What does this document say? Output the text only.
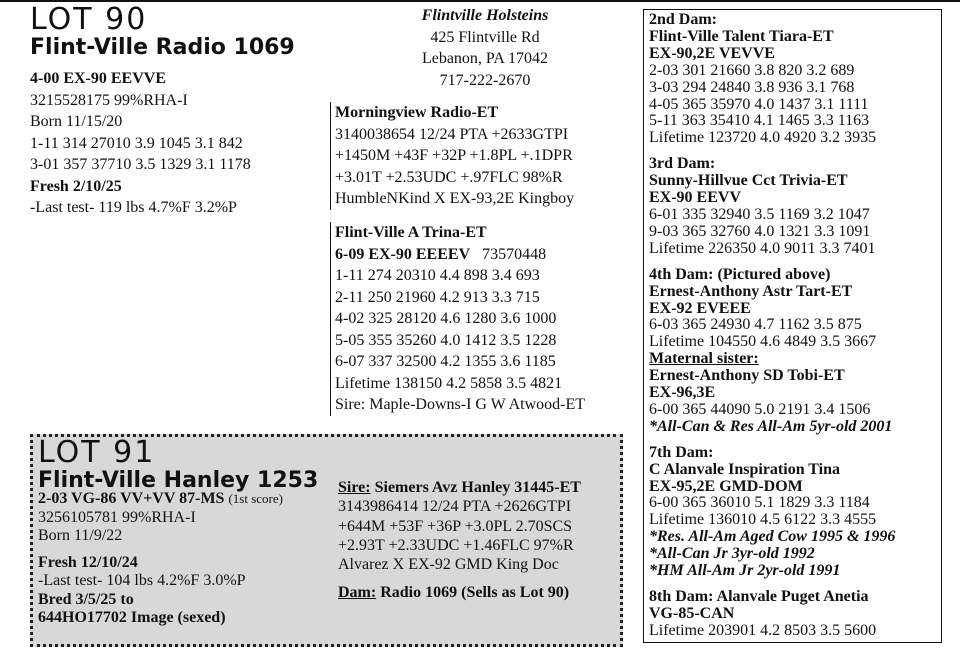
LOT 90
Flint-Ville Radio 1069
4-00 EX-90 EEVVE
3215528175 99%RHA-I
Born 11/15/20
1-11 314 27010 3.9 1045 3.1 842
3-01 357 37710 3.5 1329 3.1 1178
Fresh 2/10/25
-Last test- 119 lbs 4.7%F 3.2%P
Flintville Holsteins
425 Flintville Rd
Lebanon, PA 17042
717-222-2670
Morningview Radio-ET
3140038654 12/24 PTA +2633GTPI
+1450M +43F +32P +1.8PL +.1DPR
+3.01T +2.53UDC +.97FLC 98%R
HumbleNKind X EX-93,2E Kingboy
Flint-Ville A Trina-ET
6-09 EX-90 EEEEV 73570448
1-11 274 20310 4.4 898 3.4 693
2-11 250 21960 4.2 913 3.3 715
4-02 325 28120 4.6 1280 3.6 1000
5-05 355 35260 4.0 1412 3.5 1228
6-07 337 32500 4.2 1355 3.6 1185
Lifetime 138150 4.2 5858 3.5 4821
Sire: Maple-Downs-I G W Atwood-ET
2nd Dam:
Flint-Ville Talent Tiara-ET
EX-90,2E VEVVE
2-03 301 21660 3.8 820 3.2 689
3-03 294 24840 3.8 936 3.1 768
4-05 365 35970 4.0 1437 3.1 1111
5-11 363 35410 4.1 1465 3.3 1163
Lifetime 123720 4.0 4920 3.2 3935
3rd Dam:
Sunny-Hillvue Cct Trivia-ET
EX-90 EEVV
6-01 335 32940 3.5 1169 3.2 1047
9-03 365 32760 4.0 1321 3.3 1091
Lifetime 226350 4.0 9011 3.3 7401
4th Dam: (Pictured above)
Ernest-Anthony Astr Tart-ET
EX-92 EVEEE
6-03 365 24930 4.7 1162 3.5 875
Lifetime 104550 4.6 4849 3.5 3667
Maternal sister:
Ernest-Anthony SD Tobi-ET
EX-96,3E
6-00 365 44090 5.0 2191 3.4 1506
*All-Can & Res All-Am 5yr-old 2001
7th Dam:
C Alanvale Inspiration Tina
EX-95,2E GMD-DOM
6-00 365 36010 5.1 1829 3.3 1184
Lifetime 136010 4.5 6122 3.3 4555
*Res. All-Am Aged Cow 1995 & 1996
*All-Can Jr 3yr-old 1992
*HM All-Am Jr 2yr-old 1991
8th Dam: Alanvale Puget Anetia
VG-85-CAN
Lifetime 203901 4.2 8503 3.5 5600
LOT 91
Flint-Ville Hanley 1253
2-03 VG-86 VV+VV 87-MS (1st score)
3256105781 99%RHA-I
Born 11/9/22
Fresh 12/10/24
-Last test- 104 lbs 4.2%F 3.0%P
Bred 3/5/25 to
644HO17702 Image (sexed)
Sire: Siemers Avz Hanley 31445-ET
3143986414 12/24 PTA +2626GTPI
+644M +53F +36P +3.0PL 2.70SCS
+2.93T +2.33UDC +1.46FLC 97%R
Alvarez X EX-92 GMD King Doc
Dam: Radio 1069 (Sells as Lot 90)
